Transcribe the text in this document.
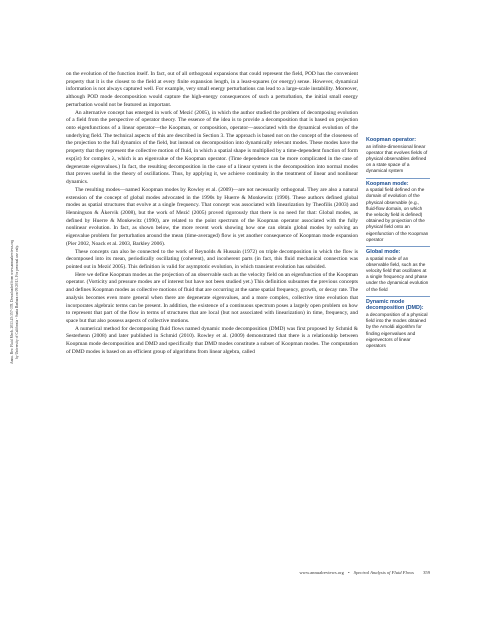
Annu. Rev. Fluid Mech. 2013.45:357-378. Downloaded from www.annualreviews.org by University of California - Santa Barbara on 09/20/13. For personal use only.

on the evolution of the function itself. In fact, out of all orthogonal expansions that could represent the field, POD has the convenient property that it is the closest to the field at every finite expansion length, in a least-squares (or energy) sense. However, dynamical information is not always captured well. For example, very small energy perturbations can lead to a large-scale instability. Moreover, although POD mode decomposition would capture the high-energy consequences of such a perturbation, the initial small energy perturbation would not be featured as important.

An alternative concept has emerged in work of Mezić (2005), in which the author studied the problem of decomposing evolution of a field from the perspective of operator theory. The essence of the idea is to provide a decomposition that is based on projection onto eigenfunctions of a linear operator—the Koopman, or composition, operator—associated with the dynamical evolution of the underlying field. The technical aspects of this are described in Section 3. The approach is based not on the concept of the closeness of the projection to the full dynamics of the field, but instead on decomposition into dynamically relevant modes. These modes have the property that they represent the collective motion of fluid, in which a spatial shape is multiplied by a time-dependent function of form exp(λt) for complex λ, which is an eigenvalue of the Koopman operator. (Time dependence can be more complicated in the case of degenerate eigenvalues.) In fact, the resulting decomposition in the case of a linear system is the decomposition into normal modes that proves useful in the theory of oscillations. Thus, by applying it, we achieve continuity in the treatment of linear and nonlinear dynamics.

The resulting modes—named Koopman modes by Rowley et al. (2009)—are not necessarily orthogonal. They are also a natural extension of the concept of global modes advocated in the 1990s by Huerre & Monkewitz (1990). These authors defined global modes as spatial structures that evolve at a single frequency. That concept was associated with linearization by Theofilis (2003) and Henningson & Åkervik (2008), but the work of Mezić (2005) proved rigorously that there is no need for that: Global modes, as defined by Huerre & Monkewitz (1990), are related to the point spectrum of the Koopman operator associated with the fully nonlinear evolution. In fact, as shown below, the more recent work showing how one can obtain global modes by solving an eigenvalue problem for perturbation around the mean (time-averaged) flow is yet another consequence of Koopman mode expansion (Pier 2002, Noack et al. 2003, Barkley 2006).

These concepts can also be connected to the work of Reynolds & Hussain (1972) on triple decomposition in which the flow is decomposed into its mean, periodically oscillating (coherent), and incoherent parts (in fact, this fluid mechanical connection was pointed out in Mezić 2005). This definition is valid for asymptotic evolution, in which transient evolution has subsided.

Here we define Koopman modes as the projection of an observable such as the velocity field on an eigenfunction of the Koopman operator. (Vorticity and pressure modes are of interest but have not been studied yet.) This definition subsumes the previous concepts and defines Koopman modes as collective motions of fluid that are occurring at the same spatial frequency, growth, or decay rate. The analysis becomes even more general when there are degenerate eigenvalues, and a more complex, collective time evolution that incorporates algebraic terms can be present. In addition, the existence of a continuous spectrum poses a largely open problem on how to represent that part of the flow in terms of structures that are local (but not associated with linearization) in time, frequency, and space but that also possess aspects of collective motions.

A numerical method for decomposing fluid flows named dynamic mode decomposition (DMD) was first proposed by Schmid & Sesterhenn (2008) and later published in Schmid (2010). Rowley et al. (2009) demonstrated that there is a relationship between Koopman mode decomposition and DMD and specifically that DMD modes constitute a subset of Koopman modes. The computation of DMD modes is based on an efficient group of algorithms from linear algebra, called

Koopman operator:
an infinite-dimensional linear operator that evolves fields of physical observables defined on a state space of a dynamical system
Koopman mode:
a spatial field defined on the domain of evolution of the physical observable (e.g., fluid-flow domain, on which the velocity field is defined) obtained by projection of the physical field onto an eigenfunction of the Koopman operator
Global mode:
a spatial mode of an observable field, such as the velocity field that oscillates at a single frequency and phase under the dynamical evolution of the field
Dynamic mode decomposition (DMD):
a decomposition of a physical field into the modes obtained by the Arnoldi algorithm for finding eigenvalues and eigenvectors of linear operators
www.annualreviews.org • Spectral Analysis of Fluid Flows 359
